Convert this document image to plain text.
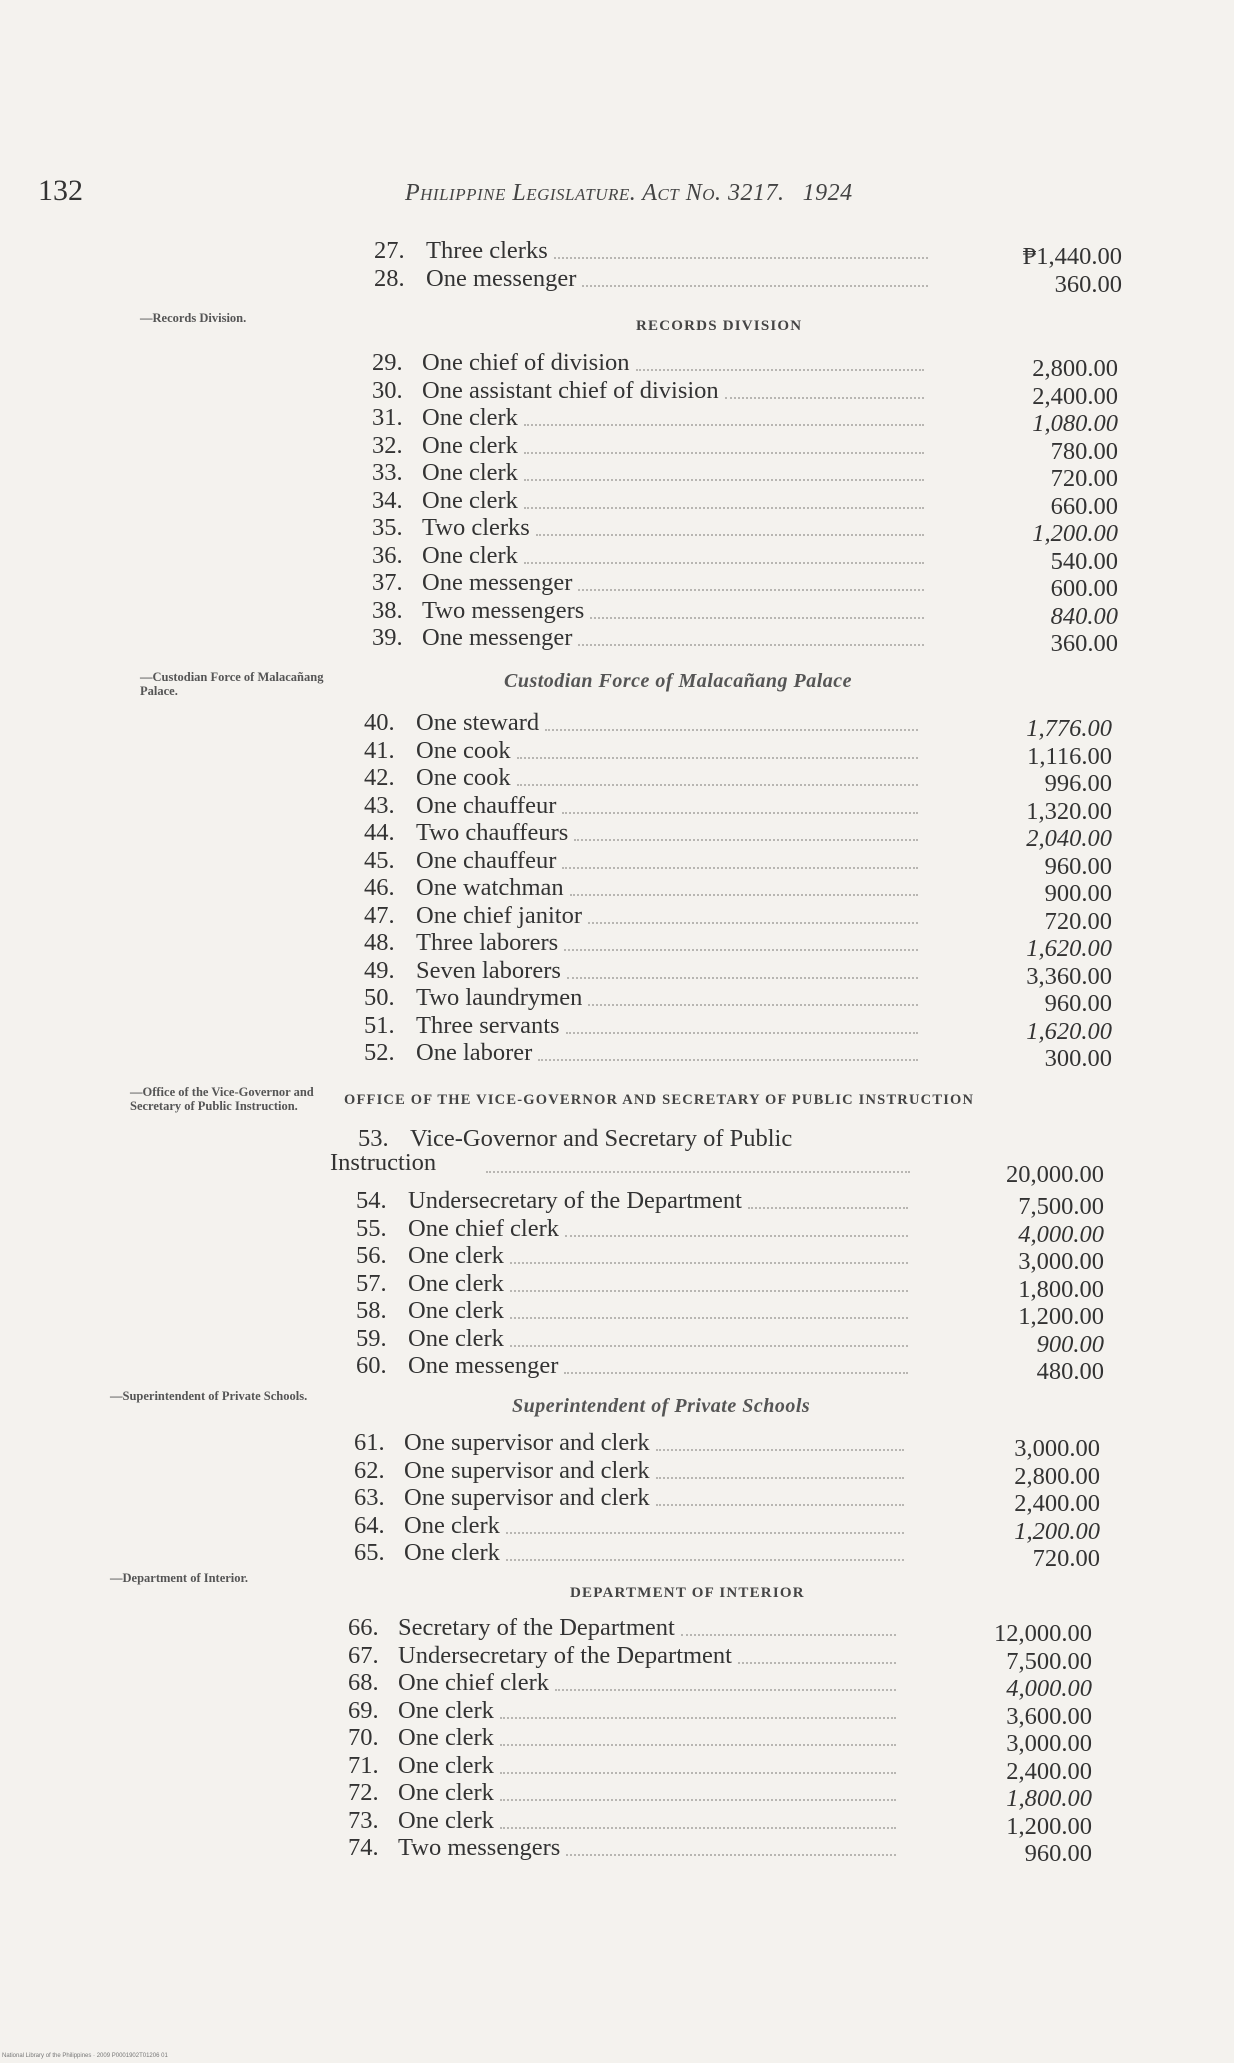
132	Philippine Legislature. Act No. 3217. 1924
—Records Division.
—Custodian Force of Malacañang Palace.
—Office of the Vice-Governor and Secretary of Public Instruction.
—Superintendent of Private Schools.
—Department of Interior.
RECORDS DIVISION
Custodian Force of Malacañang Palace
OFFICE OF THE VICE-GOVERNOR AND SECRETARY OF PUBLIC INSTRUCTION
Superintendent of Private Schools
DEPARTMENT OF INTERIOR
27. Three clerks	₱1,440.00
28. One messenger	360.00
29. One chief of division	2,800.00
30. One assistant chief of division	2,400.00
31. One clerk	1,080.00
32. One clerk	780.00
33. One clerk	720.00
34. One clerk	660.00
35. Two clerks	1,200.00
36. One clerk	540.00
37. One messenger	600.00
38. Two messengers	840.00
39. One messenger	360.00
40. One steward	1,776.00
41. One cook	1,116.00
42. One cook	996.00
43. One chauffeur	1,320.00
44. Two chauffeurs	2,040.00
45. One chauffeur	960.00
46. One watchman	900.00
47. One chief janitor	720.00
48. Three laborers	1,620.00
49. Seven laborers	3,360.00
50. Two laundrymen	960.00
51. Three servants	1,620.00
52. One laborer	300.00
53. Vice-Governor and Secretary of Public
Instruction	20,000.00
54. Undersecretary of the Department	7,500.00
55. One chief clerk	4,000.00
56. One clerk	3,000.00
57. One clerk	1,800.00
58. One clerk	1,200.00
59. One clerk	900.00
60. One messenger	480.00
61. One supervisor and clerk	3,000.00
62. One supervisor and clerk	2,800.00
63. One supervisor and clerk	2,400.00
64. One clerk	1,200.00
65. One clerk	720.00
66. Secretary of the Department	12,000.00
67. Undersecretary of the Department	7,500.00
68. One chief clerk	4,000.00
69. One clerk	3,600.00
70. One clerk	3,000.00
71. One clerk	2,400.00
72. One clerk	1,800.00
73. One clerk	1,200.00
74. Two messengers	960.00
National Library of the Philippines · 2009 P0001902T01206 01
